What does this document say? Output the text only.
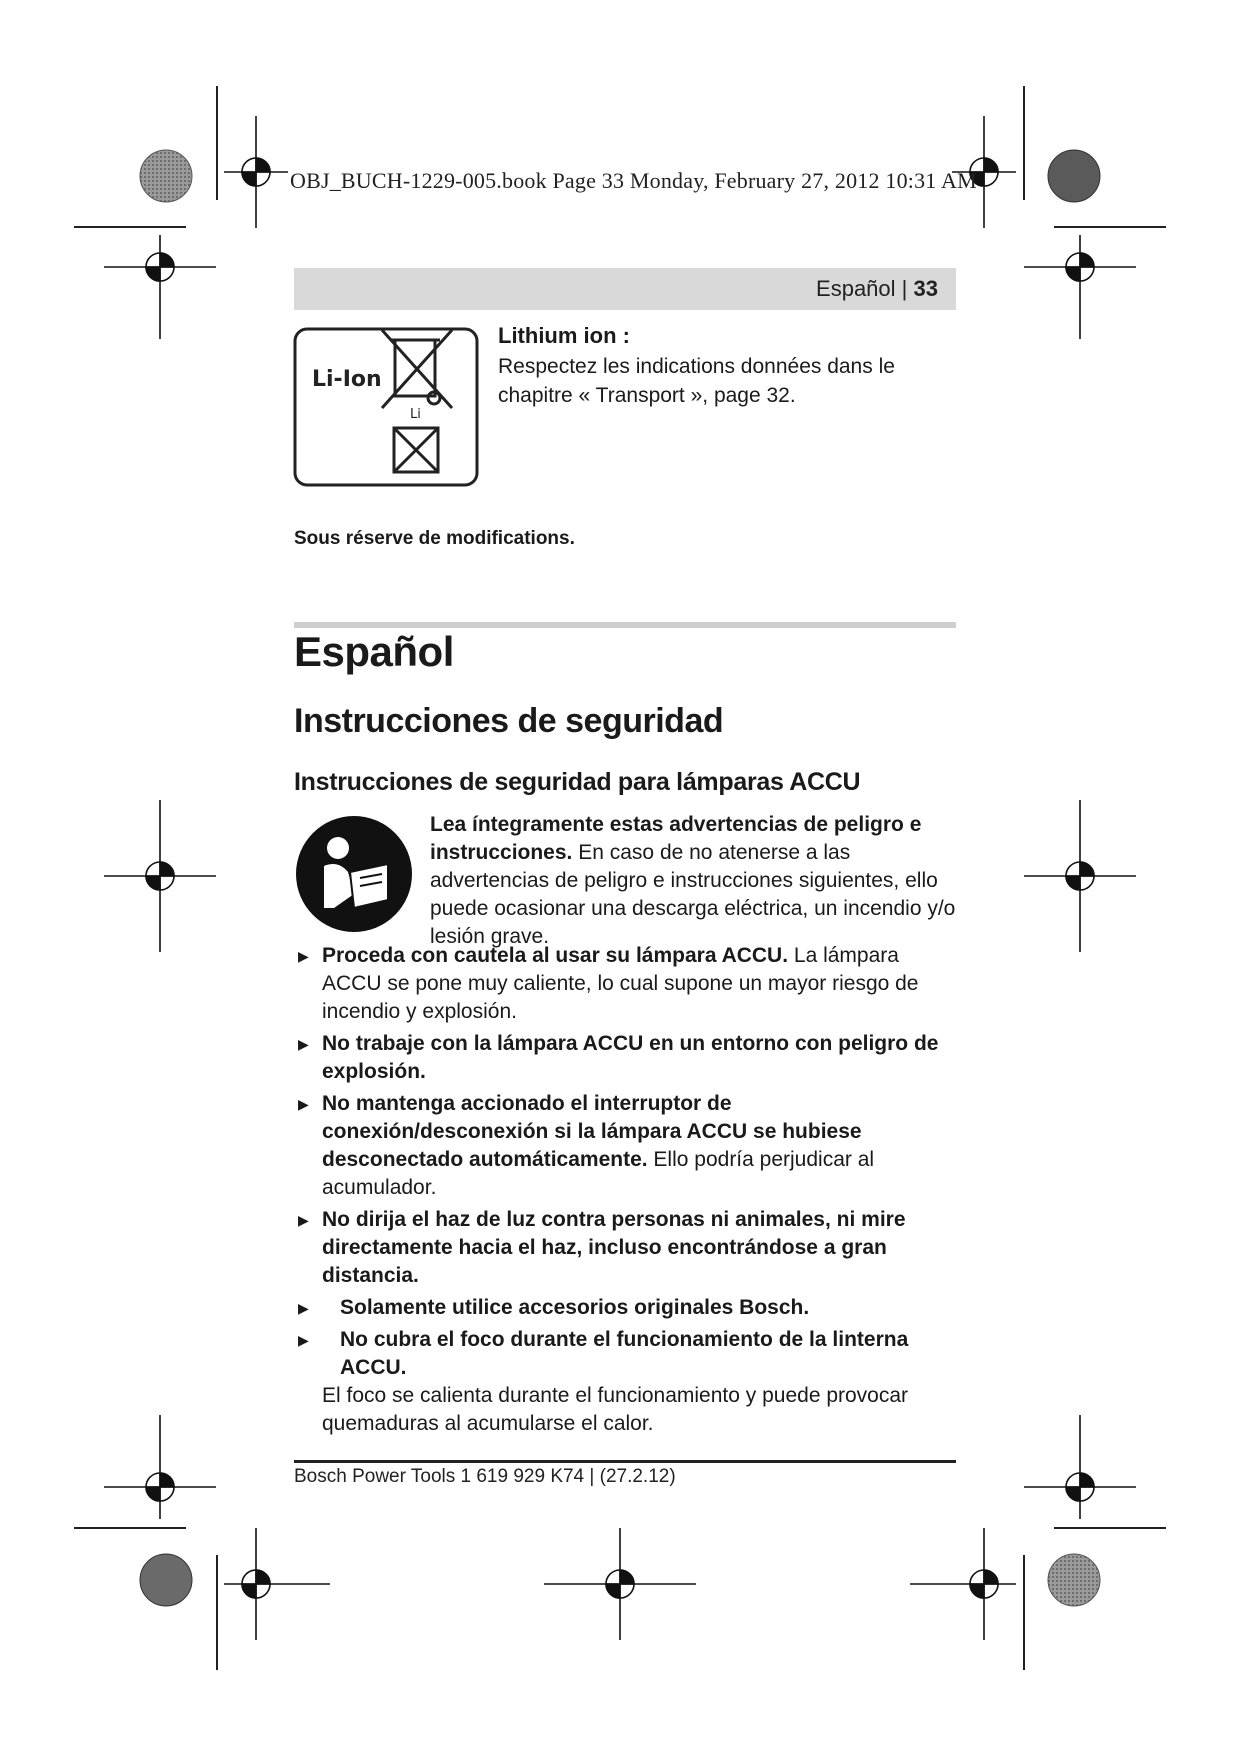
OBJ_BUCH-1229-005.book Page 33 Monday, February 27, 2012 10:31 AM
Español | 33
Li-Ion
Li
Lithium ion :
Respectez les indications données dans le chapitre « Transport », page 32.
Sous réserve de modifications.
Español
Instrucciones de seguridad
Instrucciones de seguridad para lámparas ACCU
Lea íntegramente estas advertencias de peligro e instrucciones. En caso de no atenerse a las advertencias de peligro e instrucciones siguientes, ello puede ocasionar una descarga eléctrica, un incendio y/o lesión grave.
▶ Proceda con cautela al usar su lámpara ACCU. La lámpara ACCU se pone muy caliente, lo cual supone un mayor riesgo de incendio y explosión.
▶ No trabaje con la lámpara ACCU en un entorno con peligro de explosión.
▶ No mantenga accionado el interruptor de conexión/desconexión si la lámpara ACCU se hubiese desconectado automáticamente. Ello podría perjudicar al acumulador.
▶ No dirija el haz de luz contra personas ni animales, ni mire directamente hacia el haz, incluso encontrándose a gran distancia.
▶ Solamente utilice accesorios originales Bosch.
▶ No cubra el foco durante el funcionamiento de la linterna ACCU.
El foco se calienta durante el funcionamiento y puede provocar quemaduras al acumularse el calor.
Bosch Power Tools 1 619 929 K74 | (27.2.12)
